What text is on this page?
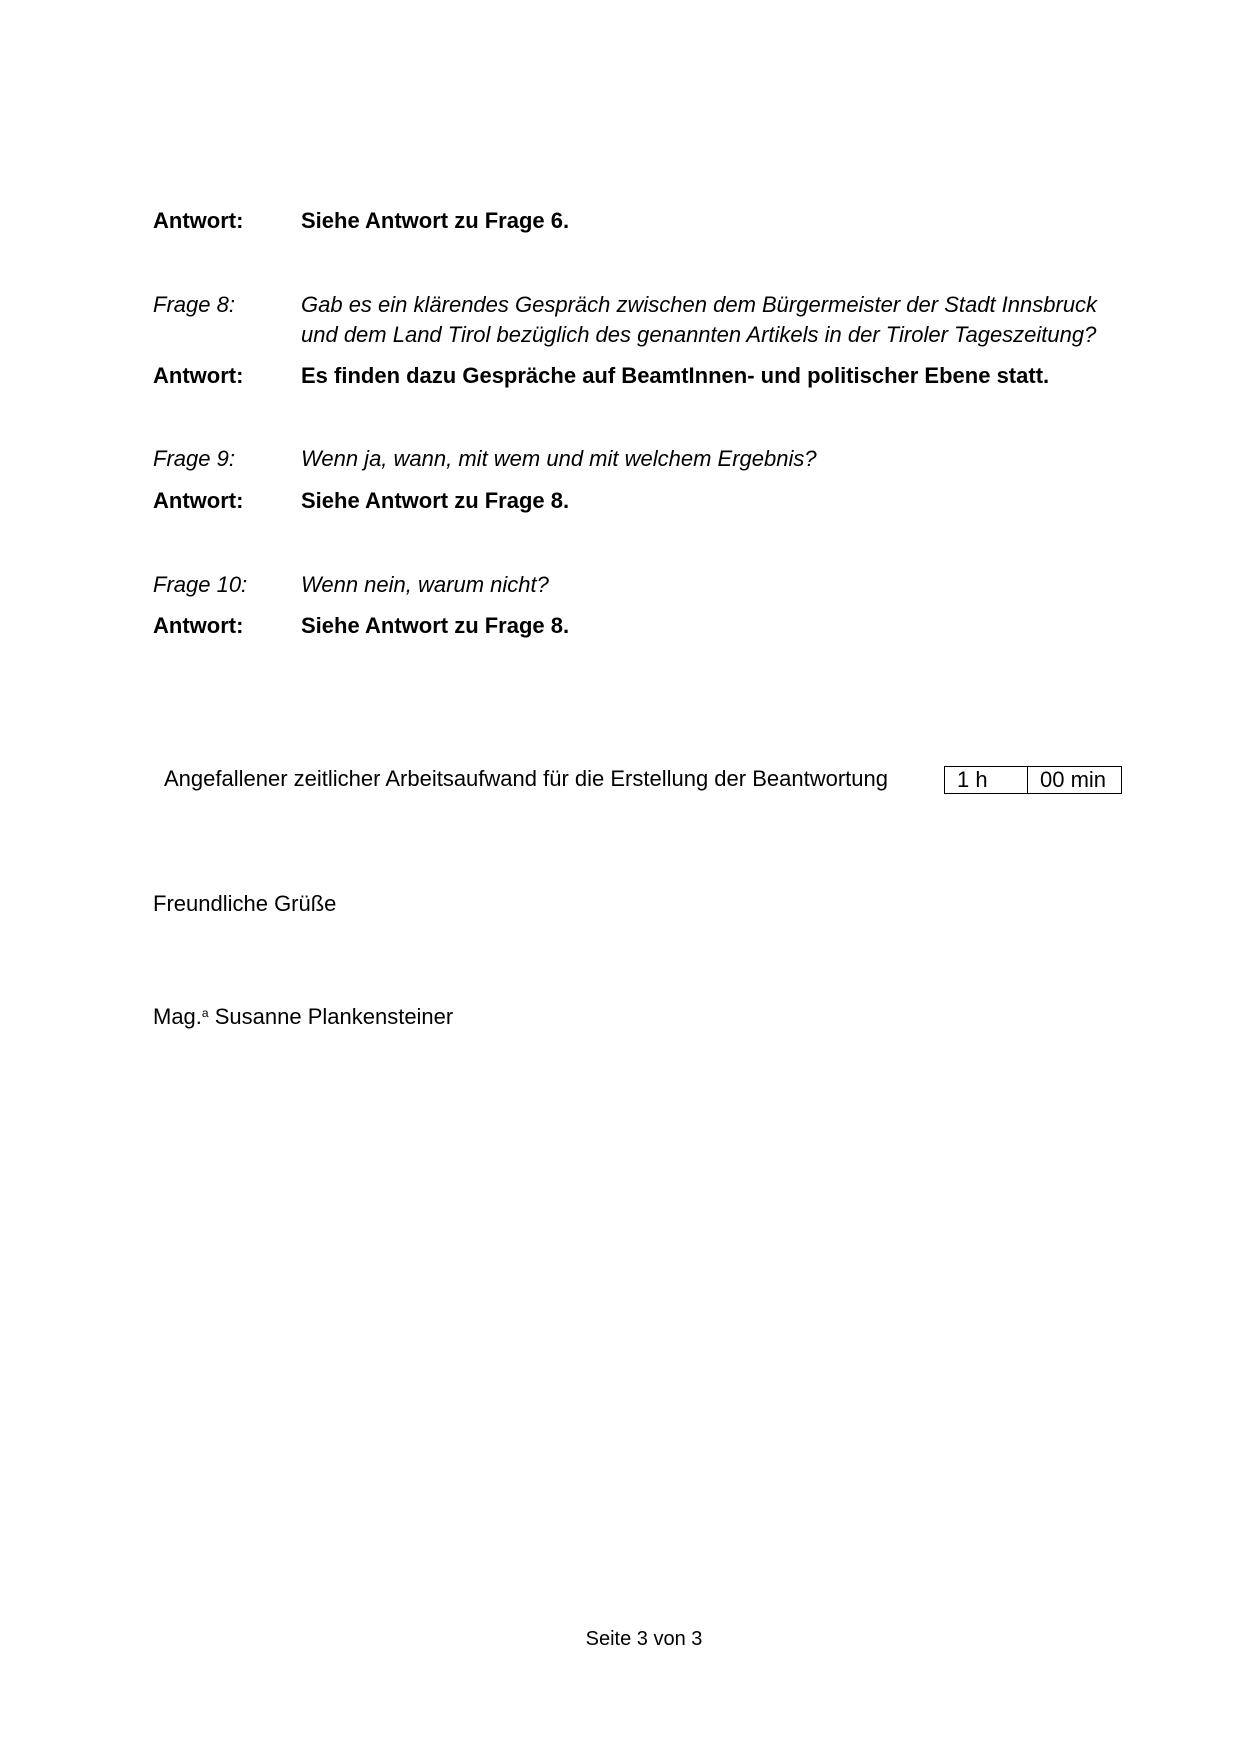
Antwort:	Siehe Antwort zu Frage 6.
Frage 8:	Gab es ein klärendes Gespräch zwischen dem Bürgermeister der Stadt Innsbruck
und dem Land Tirol bezüglich des genannten Artikels in der Tiroler Tageszeitung?
Antwort:	Es finden dazu Gespräche auf BeamtInnen- und politischer Ebene statt.
Frage 9:	Wenn ja, wann, mit wem und mit welchem Ergebnis?
Antwort:	Siehe Antwort zu Frage 8.
Frage 10: Wenn nein, warum nicht?
Antwort:	Siehe Antwort zu Frage 8.
Angefallener zeitlicher Arbeitsaufwand für die Erstellung der Beantwortung	1 h	00 min
Freundliche Grüße
Mag.$^a$ Susanne Plankensteiner
Seite 3 von 3
